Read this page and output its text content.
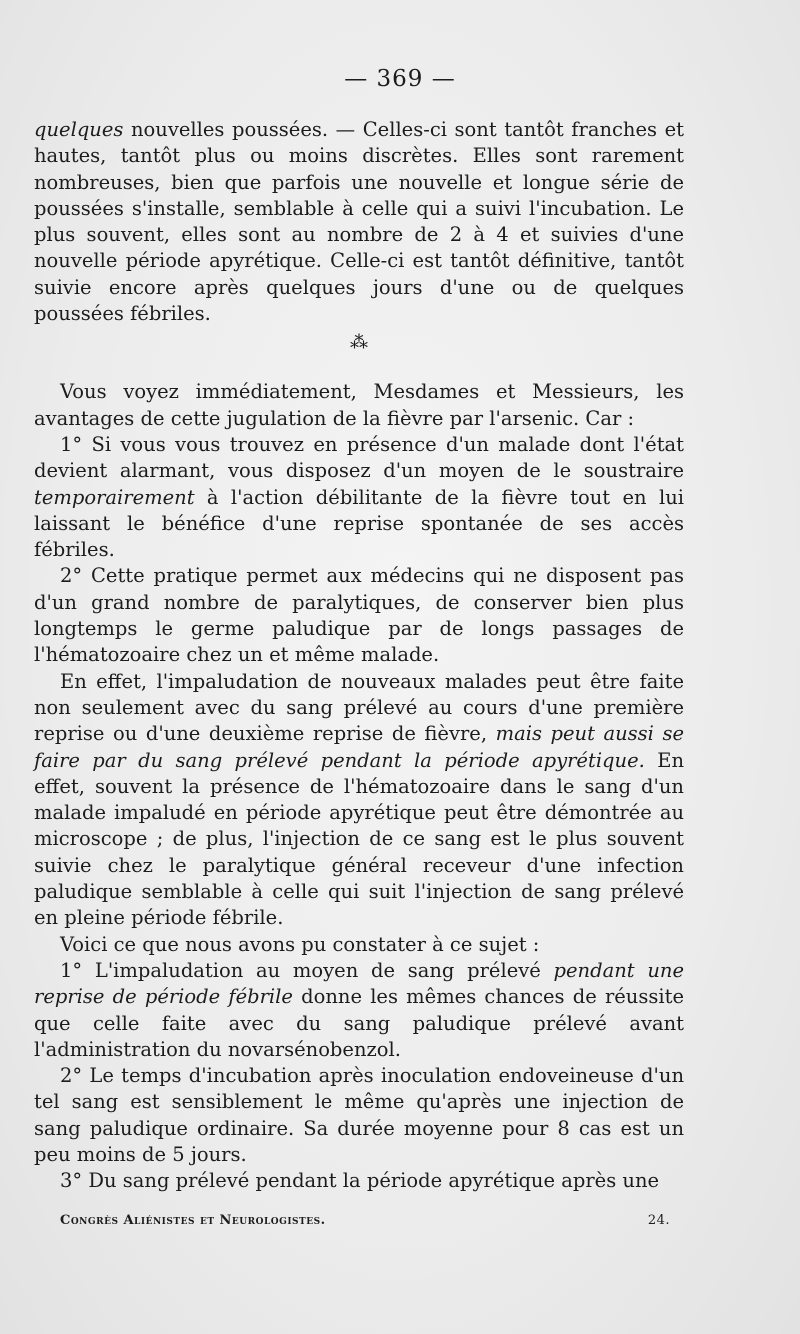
— 369 —

quelques nouvelles poussées. — Celles-ci sont tantôt franches et hautes, tantôt plus ou moins discrètes. Elles sont rarement nombreuses, bien que parfois une nouvelle et longue série de poussées s'installe, semblable à celle qui a suivi l'incubation. Le plus souvent, elles sont au nombre de 2 à 4 et suivies d'une nouvelle période apyrétique. Celle-ci est tantôt définitive, tantôt suivie encore après quelques jours d'une ou de quelques poussées fébriles.

⁂

Vous voyez immédiatement, Mesdames et Messieurs, les avantages de cette jugulation de la fièvre par l'arsenic. Car :

1° Si vous vous trouvez en présence d'un malade dont l'état devient alarmant, vous disposez d'un moyen de le soustraire temporairement à l'action débilitante de la fièvre tout en lui laissant le bénéfice d'une reprise spontanée de ses accès fébriles.

2° Cette pratique permet aux médecins qui ne disposent pas d'un grand nombre de paralytiques, de conserver bien plus longtemps le germe paludique par de longs passages de l'hématozoaire chez un et même malade.

En effet, l'impaludation de nouveaux malades peut être faite non seulement avec du sang prélevé au cours d'une première reprise ou d'une deuxième reprise de fièvre, mais peut aussi se faire par du sang prélevé pendant la période apyrétique. En effet, souvent la présence de l'hématozoaire dans le sang d'un malade impaludé en période apyrétique peut être démontrée au microscope ; de plus, l'injection de ce sang est le plus souvent suivie chez le paralytique général receveur d'une infection paludique semblable à celle qui suit l'injection de sang prélevé en pleine période fébrile.

Voici ce que nous avons pu constater à ce sujet :

1° L'impaludation au moyen de sang prélevé pendant une reprise de période fébrile donne les mêmes chances de réussite que celle faite avec du sang paludique prélevé avant l'administration du novarsénobenzol.

2° Le temps d'incubation après inoculation endoveineuse d'un tel sang est sensiblement le même qu'après une injection de sang paludique ordinaire. Sa durée moyenne pour 8 cas est un peu moins de 5 jours.

3° Du sang prélevé pendant la période apyrétique après une

Congrès Aliénistes et Neurologistes.	24.
